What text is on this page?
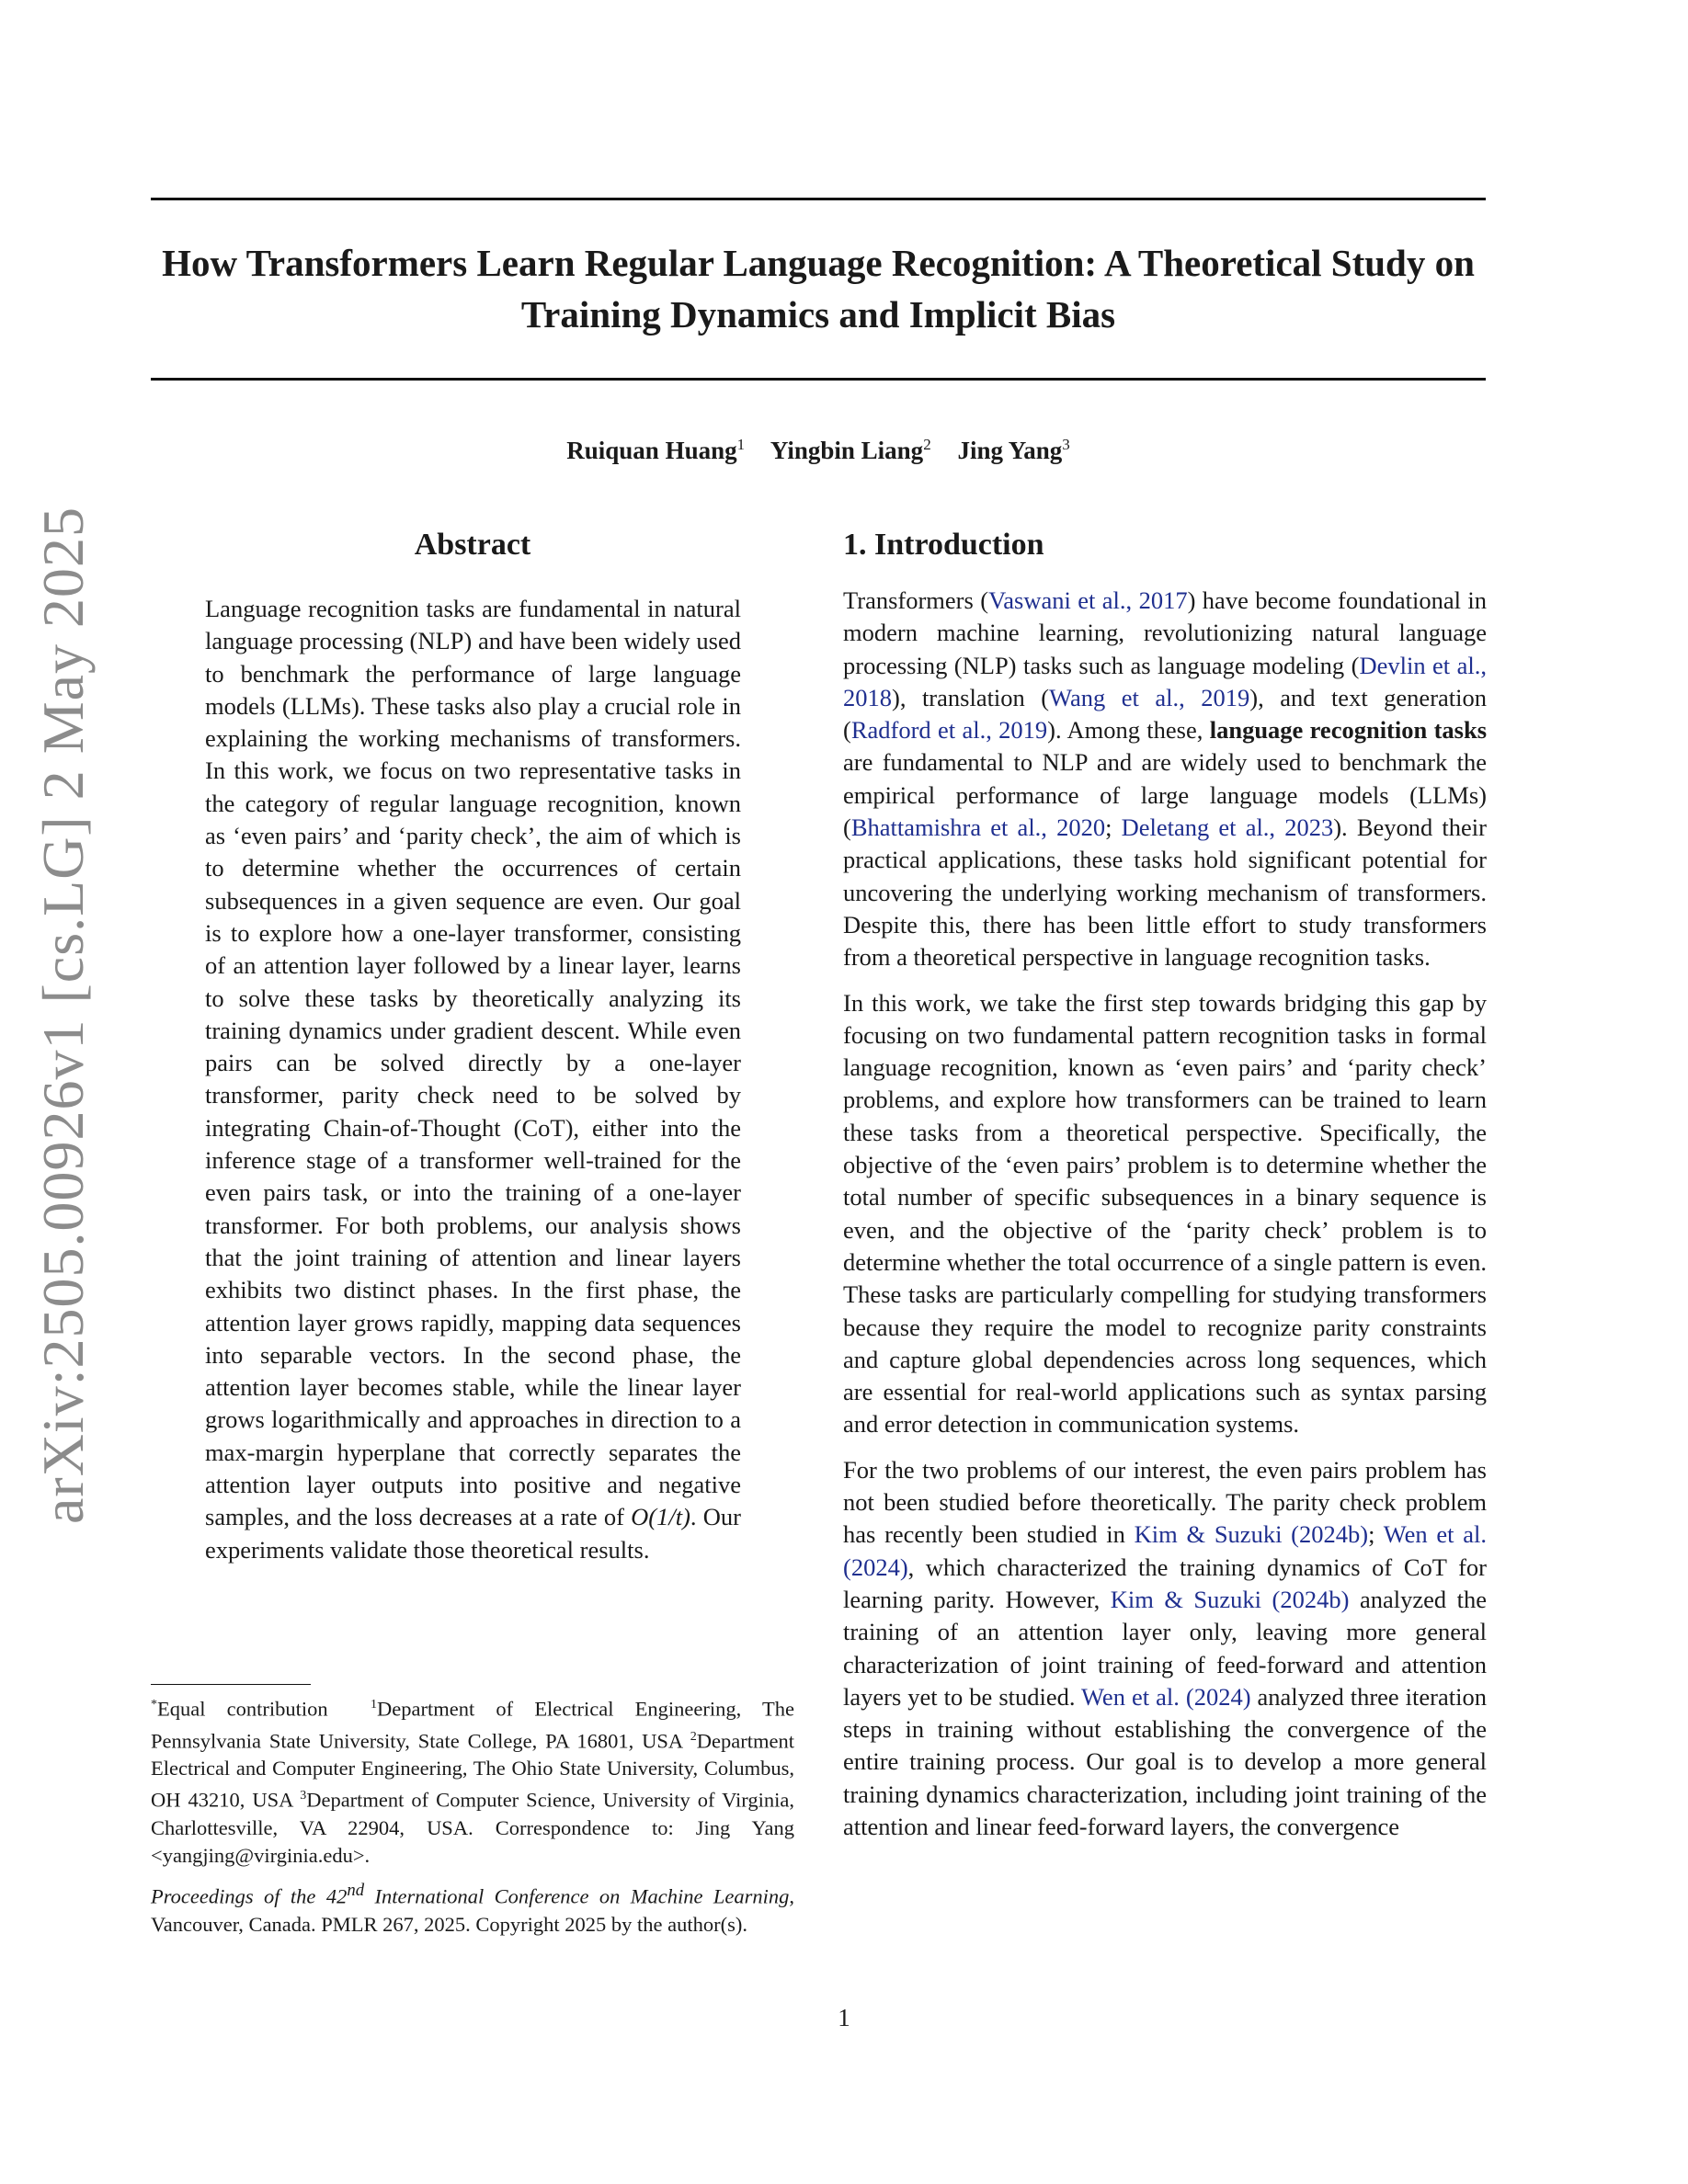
arXiv:2505.00926v1 [cs.LG] 2 May 2025
How Transformers Learn Regular Language Recognition: A Theoretical Study on Training Dynamics and Implicit Bias
Ruiquan Huang$^1$ Yingbin Liang$^2$ Jing Yang$^3$
Abstract

Language recognition tasks are fundamental in natural language processing (NLP) and have been widely used to benchmark the performance of large language models (LLMs). These tasks also play a crucial role in explaining the working mechanisms of transformers. In this work, we focus on two representative tasks in the category of regular language recognition, known as ‘even pairs’ and ‘parity check’, the aim of which is to determine whether the occurrences of certain subsequences in a given sequence are even. Our goal is to explore how a one-layer transformer, consisting of an attention layer followed by a linear layer, learns to solve these tasks by theoretically analyzing its training dynamics under gradient descent. While even pairs can be solved directly by a one-layer transformer, parity check need to be solved by integrating Chain-of-Thought (CoT), either into the inference stage of a transformer well-trained for the even pairs task, or into the training of a one-layer transformer. For both problems, our analysis shows that the joint training of attention and linear layers exhibits two distinct phases. In the first phase, the attention layer grows rapidly, mapping data sequences into separable vectors. In the second phase, the attention layer becomes stable, while the linear layer grows logarithmically and approaches in direction to a max-margin hyperplane that correctly separates the attention layer outputs into positive and negative samples, and the loss decreases at a rate of O(1/t). Our experiments validate those theoretical results.

*Equal contribution	$^1$Department of Electrical Engineering, The Pennsylvania State University, State College, PA 16801, USA $^2$Department Electrical and Computer Engineering, The Ohio State University, Columbus, OH 43210, USA $^3$Department of Computer Science, University of Virginia, Charlottesville, VA 22904, USA. Correspondence to: Jing Yang <yangjing@virginia.edu>.

Proceedings of the 42nd International Conference on Machine Learning, Vancouver, Canada. PMLR 267, 2025. Copyright 2025 by the author(s).

1. Introduction

Transformers (Vaswani et al., 2017) have become foundational in modern machine learning, revolutionizing natural language processing (NLP) tasks such as language modeling (Devlin et al., 2018), translation (Wang et al., 2019), and text generation (Radford et al., 2019). Among these, language recognition tasks are fundamental to NLP and are widely used to benchmark the empirical performance of large language models (LLMs) (Bhattamishra et al., 2020; Deletang et al., 2023). Beyond their practical applications, these tasks hold significant potential for uncovering the underlying working mechanism of transformers. Despite this, there has been little effort to study transformers from a theoretical perspective in language recognition tasks.

In this work, we take the first step towards bridging this gap by focusing on two fundamental pattern recognition tasks in formal language recognition, known as ‘even pairs’ and ‘parity check’ problems, and explore how transformers can be trained to learn these tasks from a theoretical perspective. Specifically, the objective of the ‘even pairs’ problem is to determine whether the total number of specific subsequences in a binary sequence is even, and the objective of the ‘parity check’ problem is to determine whether the total occurrence of a single pattern is even. These tasks are particularly compelling for studying transformers because they require the model to recognize parity constraints and capture global dependencies across long sequences, which are essential for real-world applications such as syntax parsing and error detection in communication systems.

For the two problems of our interest, the even pairs problem has not been studied before theoretically. The parity check problem has recently been studied in Kim & Suzuki (2024b); Wen et al. (2024), which characterized the training dynamics of CoT for learning parity. However, Kim & Suzuki (2024b) analyzed the training of an attention layer only, leaving more general characterization of joint training of feed-forward and attention layers yet to be studied. Wen et al. (2024) analyzed three iteration steps in training without establishing the convergence of the entire training process. Our goal is to develop a more general training dynamics characterization, including joint training of the attention and linear feed-forward layers, the convergence

1
